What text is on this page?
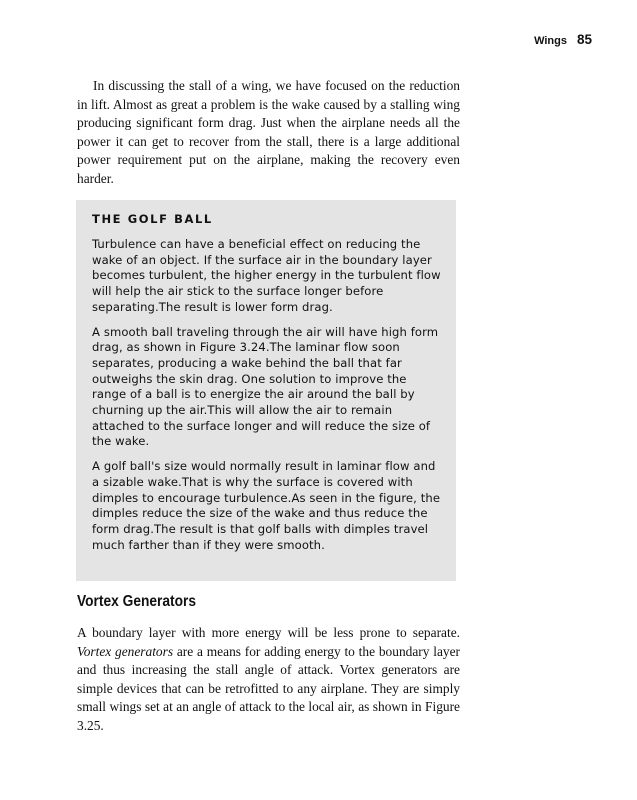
Wings 85

In discussing the stall of a wing, we have focused on the reduction in lift. Almost as great a problem is the wake caused by a stalling wing producing significant form drag. Just when the airplane needs all the power it can get to recover from the stall, there is a large additional power requirement put on the airplane, making the recovery even harder.

THE GOLF BALL

Turbulence can have a beneficial effect on reducing the wake of an object. If the surface air in the boundary layer becomes turbulent, the higher energy in the turbulent flow will help the air stick to the surface longer before separating.The result is lower form drag.

A smooth ball traveling through the air will have high form drag, as shown in Figure 3.24.The laminar flow soon separates, producing a wake behind the ball that far outweighs the skin drag. One solution to improve the range of a ball is to energize the air around the ball by churning up the air.This will allow the air to remain attached to the surface longer and will reduce the size of the wake.

A golf ball's size would normally result in laminar flow and a sizable wake.That is why the surface is covered with dimples to encourage turbulence.As seen in the figure, the dimples reduce the size of the wake and thus reduce the form drag.The result is that golf balls with dimples travel much farther than if they were smooth.

Vortex Generators

A boundary layer with more energy will be less prone to separate. Vortex generators are a means for adding energy to the boundary layer and thus increasing the stall angle of attack. Vortex generators are simple devices that can be retrofitted to any airplane. They are simply small wings set at an angle of attack to the local air, as shown in Figure 3.25.
